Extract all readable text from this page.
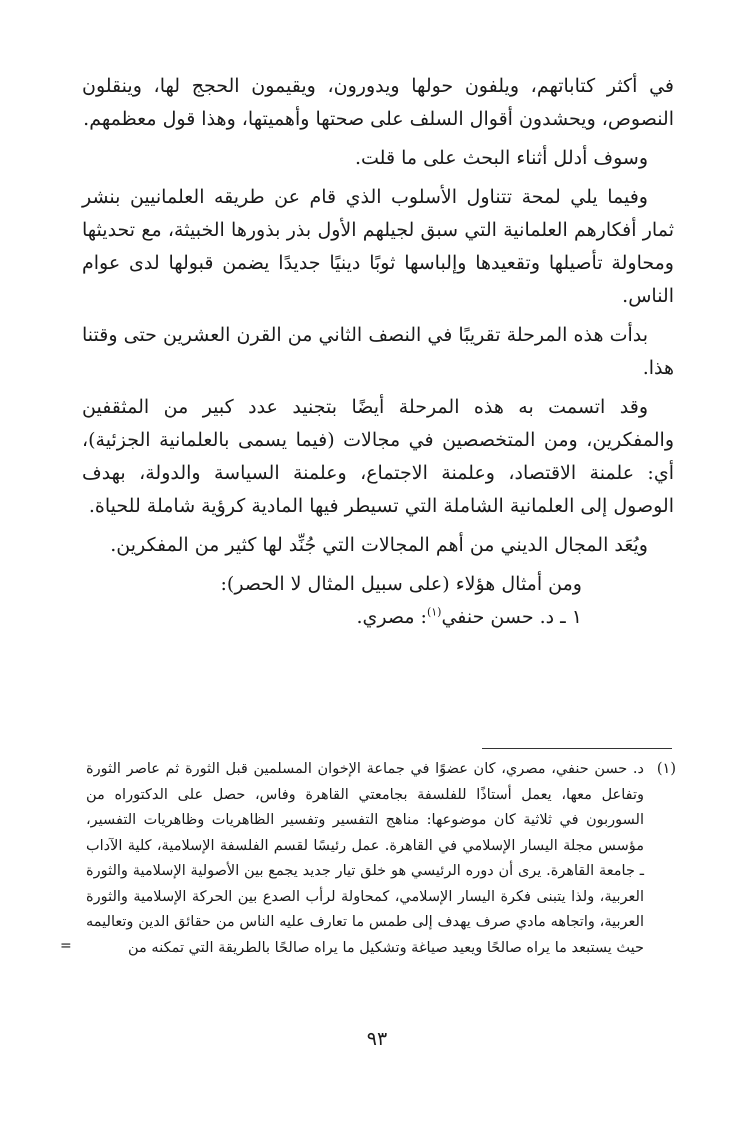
في أكثر كتاباتهم، ويلفون حولها ويدورون، ويقيمون الحجج لها، وينقلون النصوص، ويحشدون أقوال السلف على صحتها وأهميتها، وهذا قول معظمهم.

وسوف أدلل أثناء البحث على ما قلت.

وفيما يلي لمحة تتناول الأسلوب الذي قام عن طريقه العلمانيين بنشر ثمار أفكارهم العلمانية التي سبق لجيلهم الأول بذر بذورها الخبيثة، مع تحديثها ومحاولة تأصيلها وتقعيدها وإلباسها ثوبًا دينيًا جديدًا يضمن قبولها لدى عوام الناس.

بدأت هذه المرحلة تقريبًا في النصف الثاني من القرن العشرين حتى وقتنا هذا.

وقد اتسمت به هذه المرحلة أيضًا بتجنيد عدد كبير من المثقفين والمفكرين، ومن المتخصصين في مجالات (فيما يسمى بالعلمانية الجزئية)، أي: علمنة الاقتصاد، وعلمنة الاجتماع، وعلمنة السياسة والدولة، بهدف الوصول إلى العلمانية الشاملة التي تسيطر فيها المادية كرؤية شاملة للحياة.

ويُعَد المجال الديني من أهم المجالات التي جُنِّد لها كثير من المفكرين.

ومن أمثال هؤلاء (على سبيل المثال لا الحصر):

١ ـ د. حسن حنفي$^{(١)}$: مصري.

(١)
د. حسن حنفي، مصري، كان عضوًا في جماعة الإخوان المسلمين قبل الثورة ثم عاصر الثورة وتفاعل معها، يعمل أستاذًا للفلسفة بجامعتي القاهرة وفاس، حصل على الدكتوراه من السوربون في ثلاثية كان موضوعها: مناهج التفسير وتفسير الظاهريات وظاهريات التفسير، مؤسس مجلة اليسار الإسلامي في القاهرة. عمل رئيسًا لقسم الفلسفة الإسلامية، كلية الآداب ـ جامعة القاهرة. يرى أن دوره الرئيسي هو خلق تيار جديد يجمع بين الأصولية الإسلامية والثورة العربية، ولذا يتبنى فكرة اليسار الإسلامي، كمحاولة لرأب الصدع بين الحركة الإسلامية والثورة العربية، واتجاهه مادي صرف يهدف إلى طمس ما تعارف عليه الناس من حقائق الدين وتعاليمه حيث يستبعد ما يراه صالحًا ويعيد صياغة وتشكيل ما يراه صالحًا بالطريقة التي تمكنه من
=
٩٣
